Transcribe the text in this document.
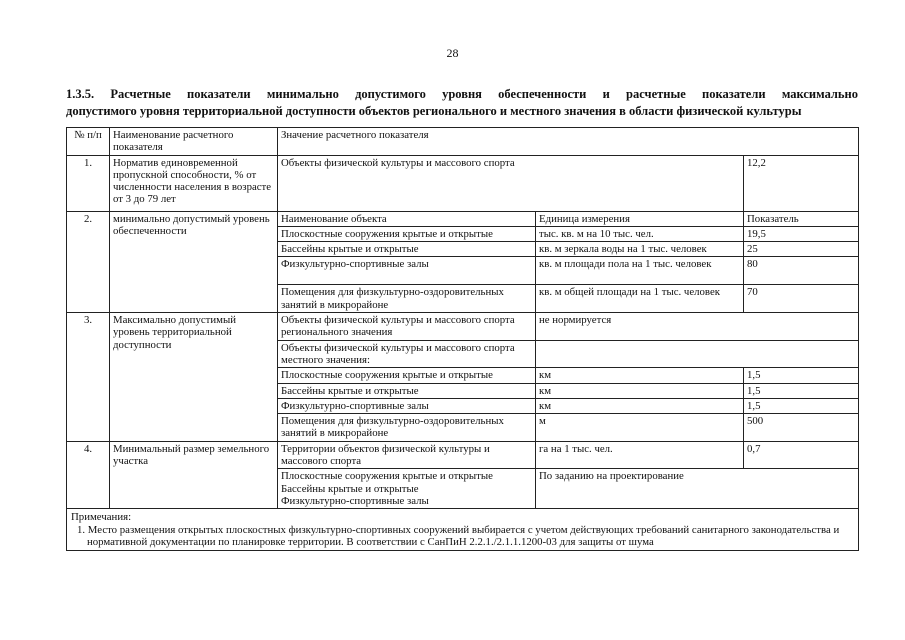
28
1.3.5. Расчетные показатели минимально допустимого уровня обеспеченности и расчетные показатели максимально
допустимого уровня территориальной доступности объектов регионального и местного значения в области физической культуры
№ п/п	Наименование расчетного показателя	Значение расчетного показателя		
1.	Норматив единовременной пропускной способности, % от численности населения в возрасте от 3 до 79 лет	Объекты физической культуры и массового спорта		12,2
2.	минимально допустимый уровень обеспеченности	Наименование объекта	Единица измерения	Показатель
		Плоскостные сооружения крытые и открытые	тыс. кв. м на 10 тыс. чел.	19,5
		Бассейны крытые и открытые	кв. м зеркала воды на 1 тыс. человек	25
		Физкультурно-спортивные залы	кв. м площади пола на 1 тыс. человек	80
		Помещения для физкультурно-оздоровительных занятий в микрорайоне	кв. м общей площади на 1 тыс. человек	70
3.	Максимально допустимый уровень территориальной доступности	Объекты физической культуры и массового спорта регионального значения	не нормируется	
		Объекты физической культуры и массового спорта местного значения:		
		Плоскостные сооружения крытые и открытые	км	1,5
		Бассейны крытые и открытые	км	1,5
		Физкультурно-спортивные залы	км	1,5
		Помещения для физкультурно-оздоровительных занятий в микрорайоне	м	500
4.	Минимальный размер земельного участка	Территории объектов физической культуры и массового спорта	га на 1 тыс. чел.	0,7

		Плоскостные сооружения крытые и открытые
Бассейны крытые и открытые
Физкультурно-спортивные залы	По заданию на проектирование	

Примечания:
1. Место размещения открытых плоскостных физкультурно-спортивных сооружений выбирается с учетом действующих требований санитарного законодательства и нормативной документации по планировке территории. В соответствии с СанПиН 2.2.1./2.1.1.1200-03 для защиты от шума				
